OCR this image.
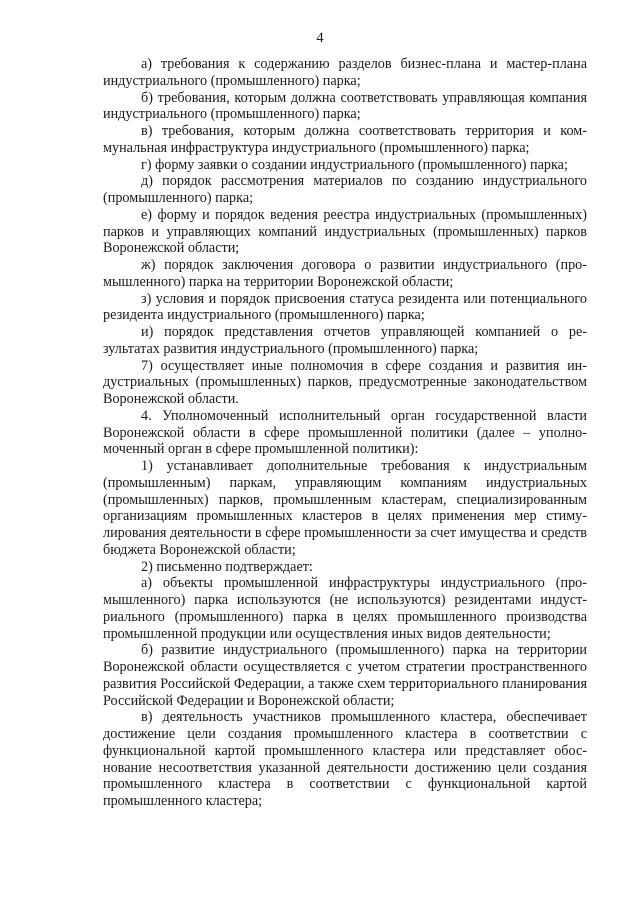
4

а) требования к содержанию разделов бизнес-плана и мастер-плана индустриального (промышленного) парка;

б) требования, которым должна соответствовать управляющая компания индустриального (промышленного) парка;

в) требования, которым должна соответствовать территория и коммунальная инфраструктура индустриального (промышленного) парка;

г) форму заявки о создании индустриального (промышленного) парка;

д) порядок рассмотрения материалов по созданию индустриального (промышленного) парка;

е) форму и порядок ведения реестра индустриальных (промышленных) парков и управляющих компаний индустриальных (промышленных) парков Воронежской области;

ж) порядок заключения договора о развитии индустриального (промышленного) парка на территории Воронежской области;

з) условия и порядок присвоения статуса резидента или потенциального резидента индустриального (промышленного) парка;

и) порядок представления отчетов управляющей компанией о результатах развития индустриального (промышленного) парка;

7) осуществляет иные полномочия в сфере создания и развития индустриальных (промышленных) парков, предусмотренные законодательством Воронежской области.

4. Уполномоченный исполнительный орган государственной власти Воронежской области в сфере промышленной политики (далее – уполномоченный орган в сфере промышленной политики):

1) устанавливает дополнительные требования к индустриальным (промышленным) паркам, управляющим компаниям индустриальных (промышленных) парков, промышленным кластерам, специализированным организациям промышленных кластеров в целях применения мер стимулирования деятельности в сфере промышленности за счет имущества и средств бюджета Воронежской области;

2) письменно подтверждает:

а) объекты промышленной инфраструктуры индустриального (промышленного) парка используются (не используются) резидентами индустриального (промышленного) парка в целях промышленного производства промышленной продукции или осуществления иных видов деятельности;

б) развитие индустриального (промышленного) парка на территории Воронежской области осуществляется с учетом стратегии пространственного развития Российской Федерации, а также схем территориального планирования Российской Федерации и Воронежской области;

в) деятельность участников промышленного кластера, обеспечивает достижение цели создания промышленного кластера в соответствии с функциональной картой промышленного кластера или представляет обоснование несоответствия указанной деятельности достижению цели создания промышленного кластера в соответствии с функциональной картой промышленного кластера;
